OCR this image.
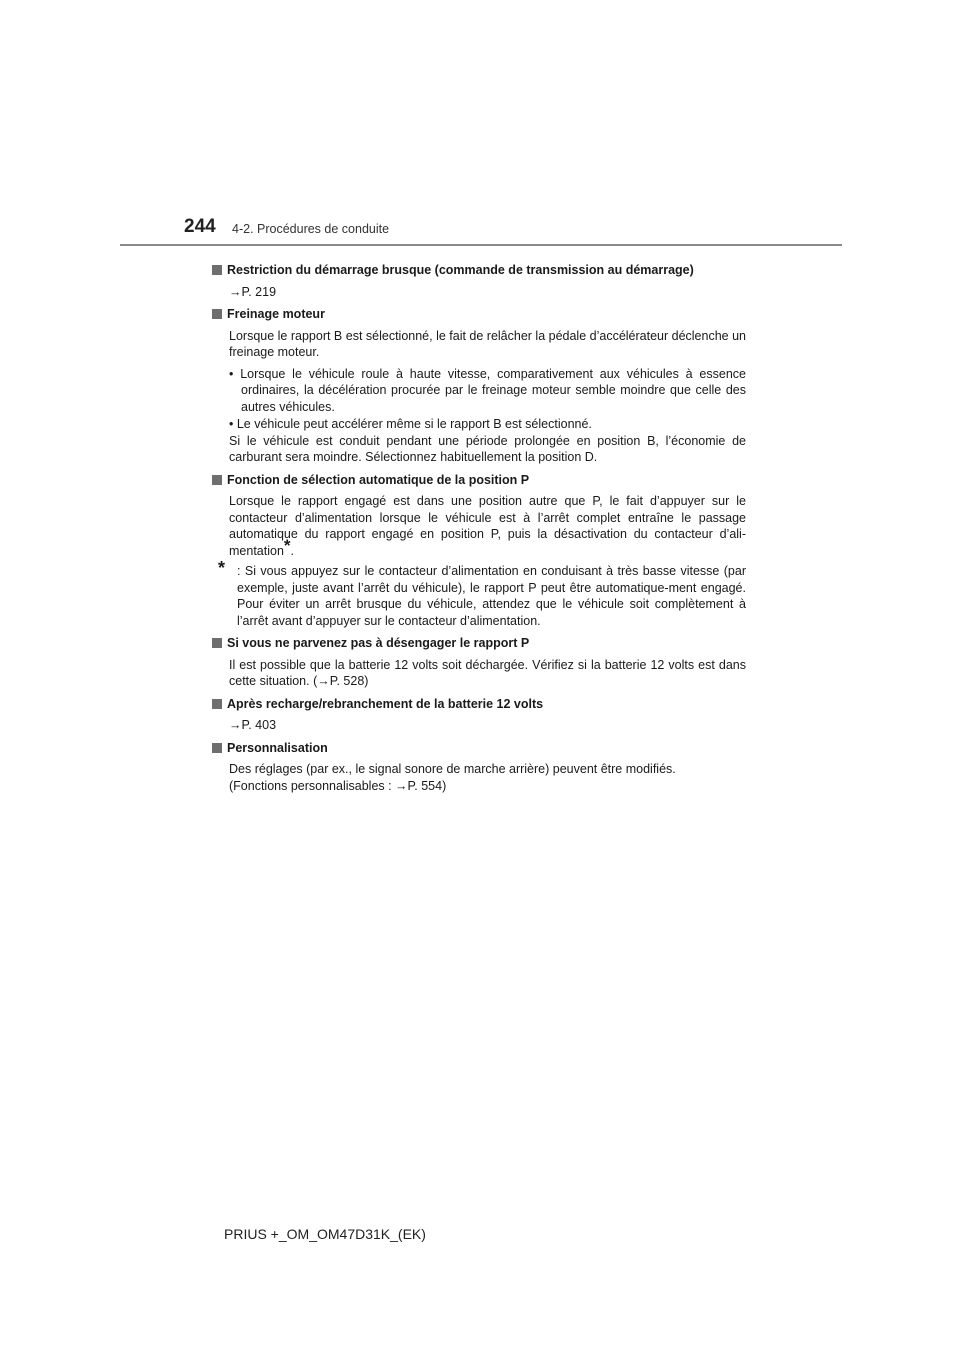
244 4-2. Procédures de conduite
Restriction du démarrage brusque (commande de transmission au démarrage)
→P. 219
Freinage moteur
Lorsque le rapport B est sélectionné, le fait de relâcher la pédale d’accélérateur déclenche un freinage moteur.
• Lorsque le véhicule roule à haute vitesse, comparativement aux véhicules à essence ordinaires, la décélération procurée par le freinage moteur semble moindre que celle des autres véhicules.
• Le véhicule peut accélérer même si le rapport B est sélectionné.
Si le véhicule est conduit pendant une période prolongée en position B, l’économie de carburant sera moindre. Sélectionnez habituellement la position D.
Fonction de sélection automatique de la position P
Lorsque le rapport engagé est dans une position autre que P, le fait d’appuyer sur le contacteur d’alimentation lorsque le véhicule est à l’arrêt complet entraîne le passage automatique du rapport engagé en position P, puis la désactivation du contacteur d’ali-mentation*.
* : Si vous appuyez sur le contacteur d’alimentation en conduisant à très basse vitesse (par exemple, juste avant l’arrêt du véhicule), le rapport P peut être automatique-ment engagé. Pour éviter un arrêt brusque du véhicule, attendez que le véhicule soit complètement à l’arrêt avant d’appuyer sur le contacteur d’alimentation.
Si vous ne parvenez pas à désengager le rapport P
Il est possible que la batterie 12 volts soit déchargée. Vérifiez si la batterie 12 volts est dans cette situation. (→P. 528)
Après recharge/rebranchement de la batterie 12 volts
→P. 403
Personnalisation
Des réglages (par ex., le signal sonore de marche arrière) peuvent être modifiés.
(Fonctions personnalisables : →P. 554)
PRIUS +_OM_OM47D31K_(EK)
